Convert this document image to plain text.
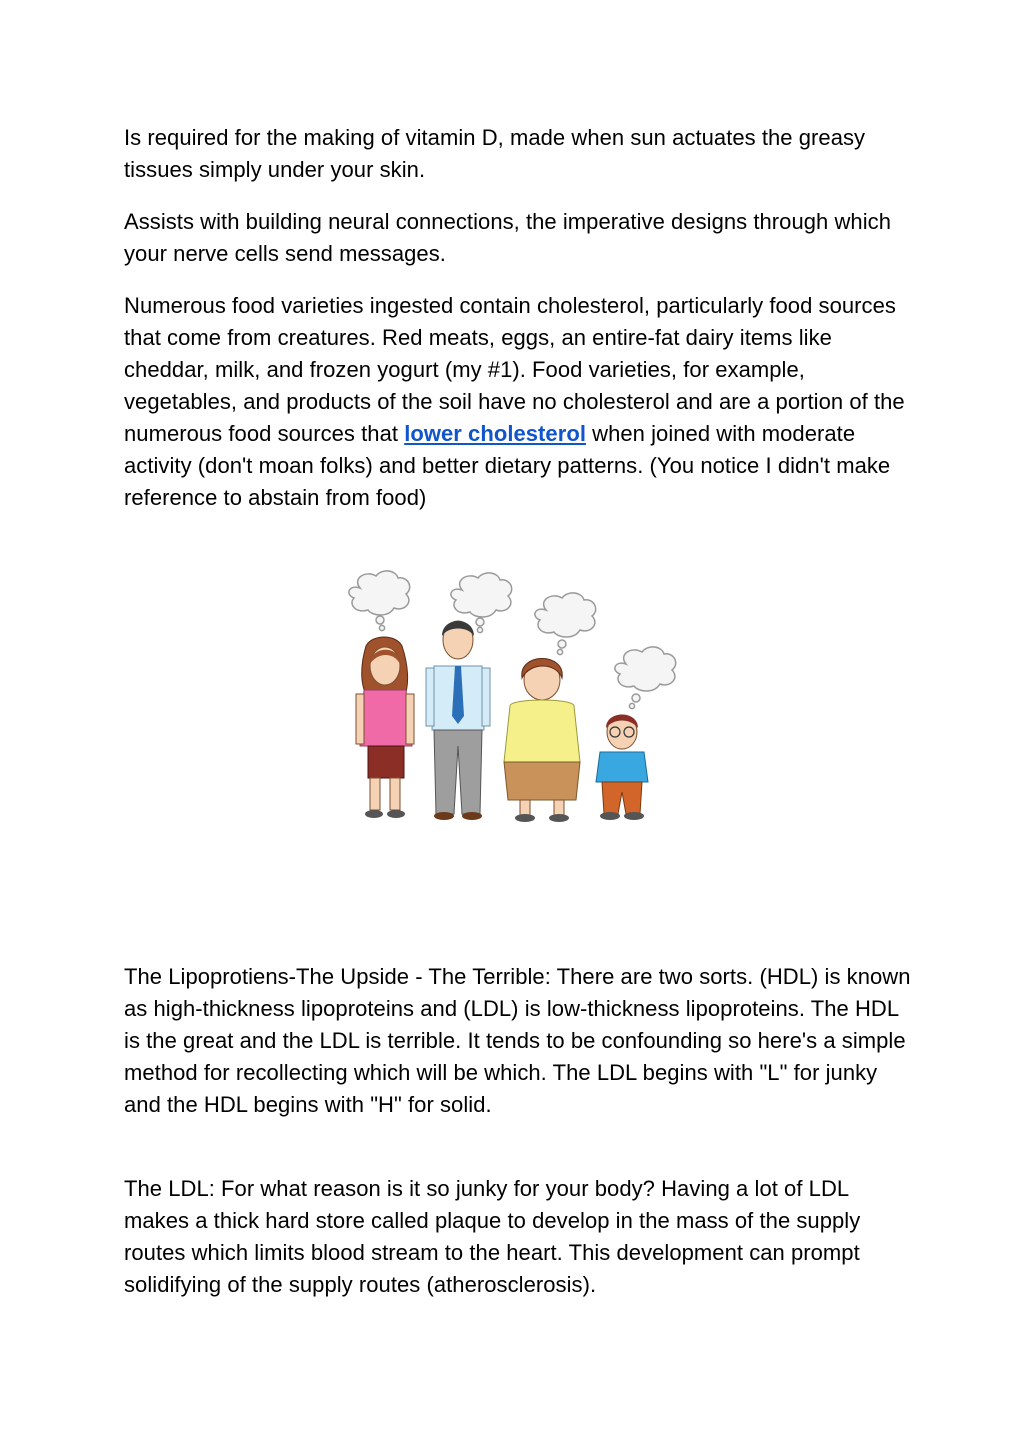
Is required for the making of vitamin D, made when sun actuates the greasy tissues simply under your skin.

Assists with building neural connections, the imperative designs through which your nerve cells send messages.

Numerous food varieties ingested contain cholesterol, particularly food sources that come from creatures. Red meats, eggs, an entire-fat dairy items like cheddar, milk, and frozen yogurt (my #1). Food varieties, for example, vegetables, and products of the soil have no cholesterol and are a portion of the numerous food sources that lower cholesterol when joined with moderate activity (don't moan folks) and better dietary patterns. (You notice I didn't make reference to abstain from food)

The Lipoprotiens-The Upside - The Terrible: There are two sorts. (HDL) is known as high-thickness lipoproteins and (LDL) is low-thickness lipoproteins. The HDL is the great and the LDL is terrible. It tends to be confounding so here's a simple method for recollecting which will be which. The LDL begins with "L" for junky and the HDL begins with "H" for solid.

The LDL: For what reason is it so junky for your body? Having a lot of LDL makes a thick hard store called plaque to develop in the mass of the supply routes which limits blood stream to the heart. This development can prompt solidifying of the supply routes (atherosclerosis).
